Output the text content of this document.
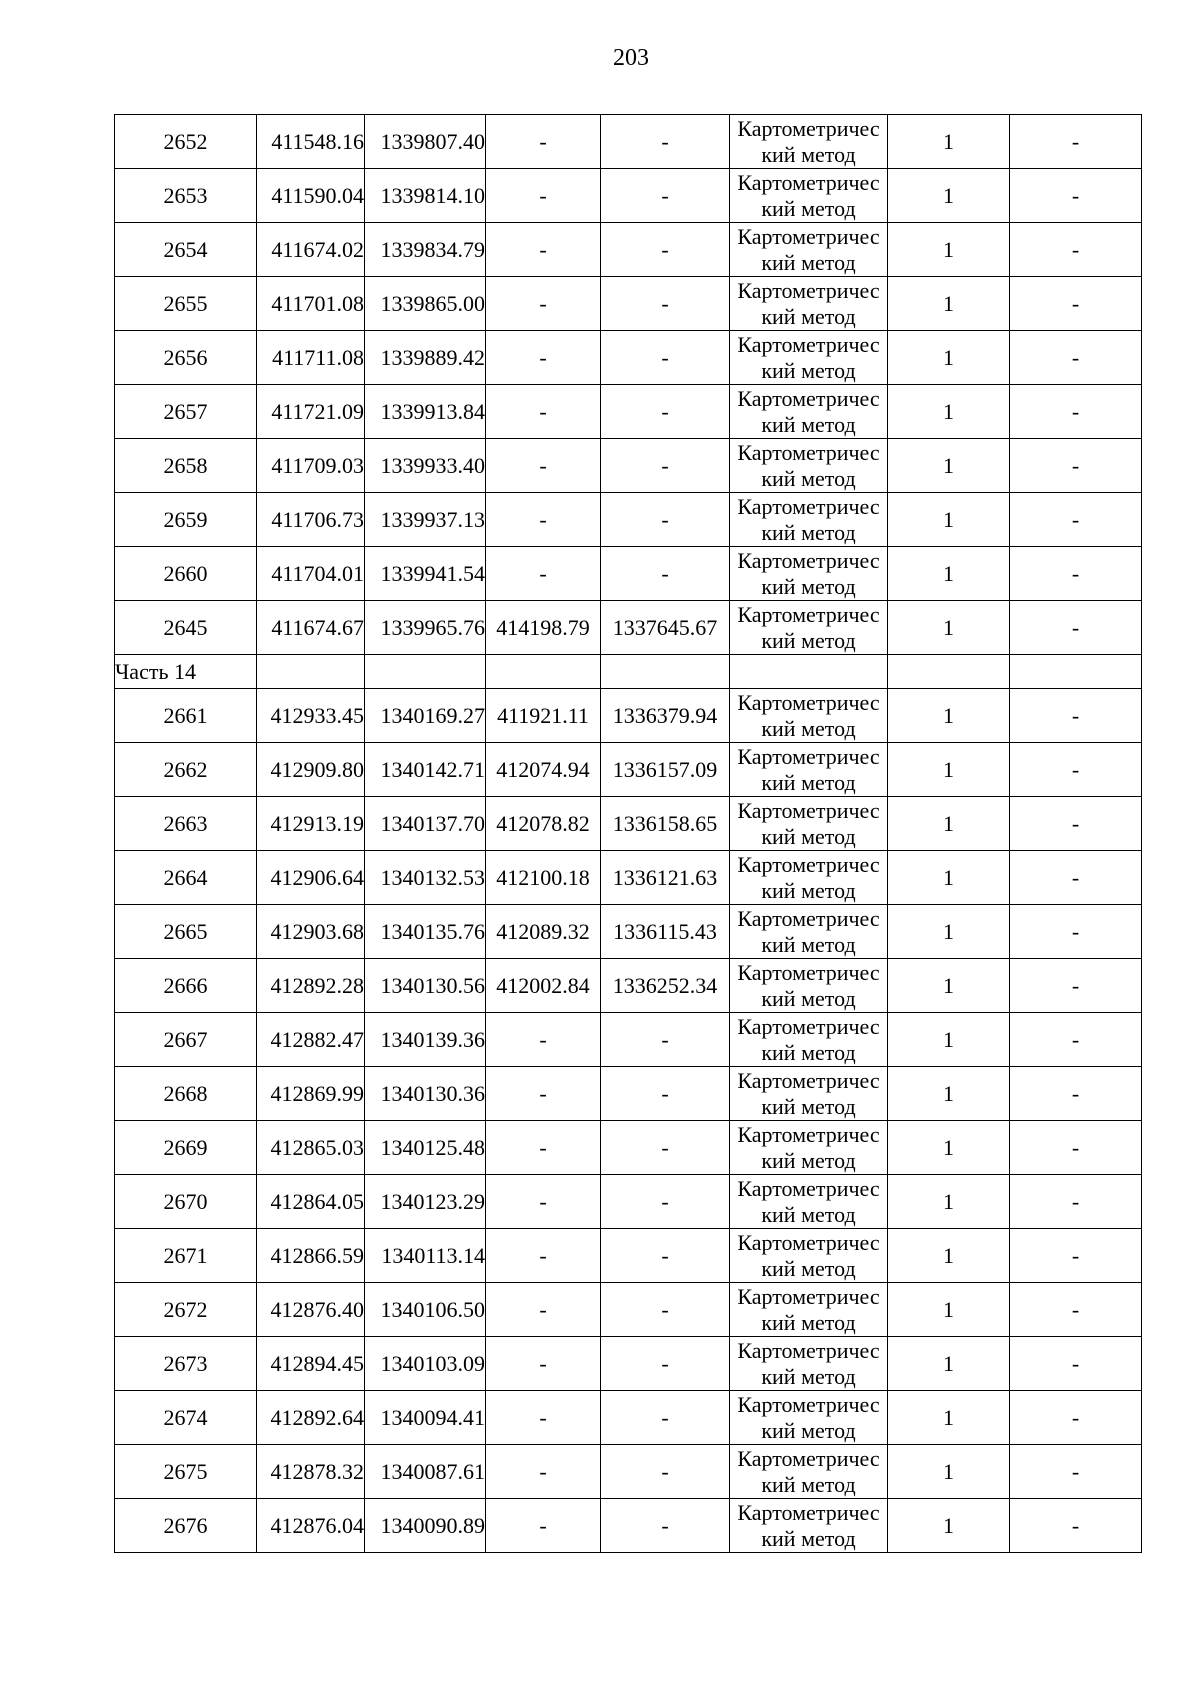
203
2652	411548.16	1339807.40	-	-	Картометричес
кий метод	1	-
2653	411590.04	1339814.10	-	-	Картометричес
кий метод	1	-
2654	411674.02	1339834.79	-	-	Картометричес
кий метод	1	-
2655	411701.08	1339865.00	-	-	Картометричес
кий метод	1	-
2656	411711.08	1339889.42	-	-	Картометричес
кий метод	1	-
2657	411721.09	1339913.84	-	-	Картометричес
кий метод	1	-
2658	411709.03	1339933.40	-	-	Картометричес
кий метод	1	-
2659	411706.73	1339937.13	-	-	Картометричес
кий метод	1	-
2660	411704.01	1339941.54	-	-	Картометричес
кий метод	1	-
2645	411674.67	1339965.76	414198.79	1337645.67	Картометричес
кий метод	1	-
Часть 14							
2661	412933.45	1340169.27	411921.11	1336379.94	Картометричес
кий метод	1	-
2662	412909.80	1340142.71	412074.94	1336157.09	Картометричес
кий метод	1	-
2663	412913.19	1340137.70	412078.82	1336158.65	Картометричес
кий метод	1	-
2664	412906.64	1340132.53	412100.18	1336121.63	Картометричес
кий метод	1	-
2665	412903.68	1340135.76	412089.32	1336115.43	Картометричес
кий метод	1	-
2666	412892.28	1340130.56	412002.84	1336252.34	Картометричес
кий метод	1	-
2667	412882.47	1340139.36	-	-	Картометричес
кий метод	1	-
2668	412869.99	1340130.36	-	-	Картометричес
кий метод	1	-
2669	412865.03	1340125.48	-	-	Картометричес
кий метод	1	-
2670	412864.05	1340123.29	-	-	Картометричес
кий метод	1	-
2671	412866.59	1340113.14	-	-	Картометричес
кий метод	1	-
2672	412876.40	1340106.50	-	-	Картометричес
кий метод	1	-
2673	412894.45	1340103.09	-	-	Картометричес
кий метод	1	-
2674	412892.64	1340094.41	-	-	Картометричес
кий метод	1	-
2675	412878.32	1340087.61	-	-	Картометричес
кий метод	1	-
2676	412876.04	1340090.89	-	-	Картометричес
кий метод	1	-
